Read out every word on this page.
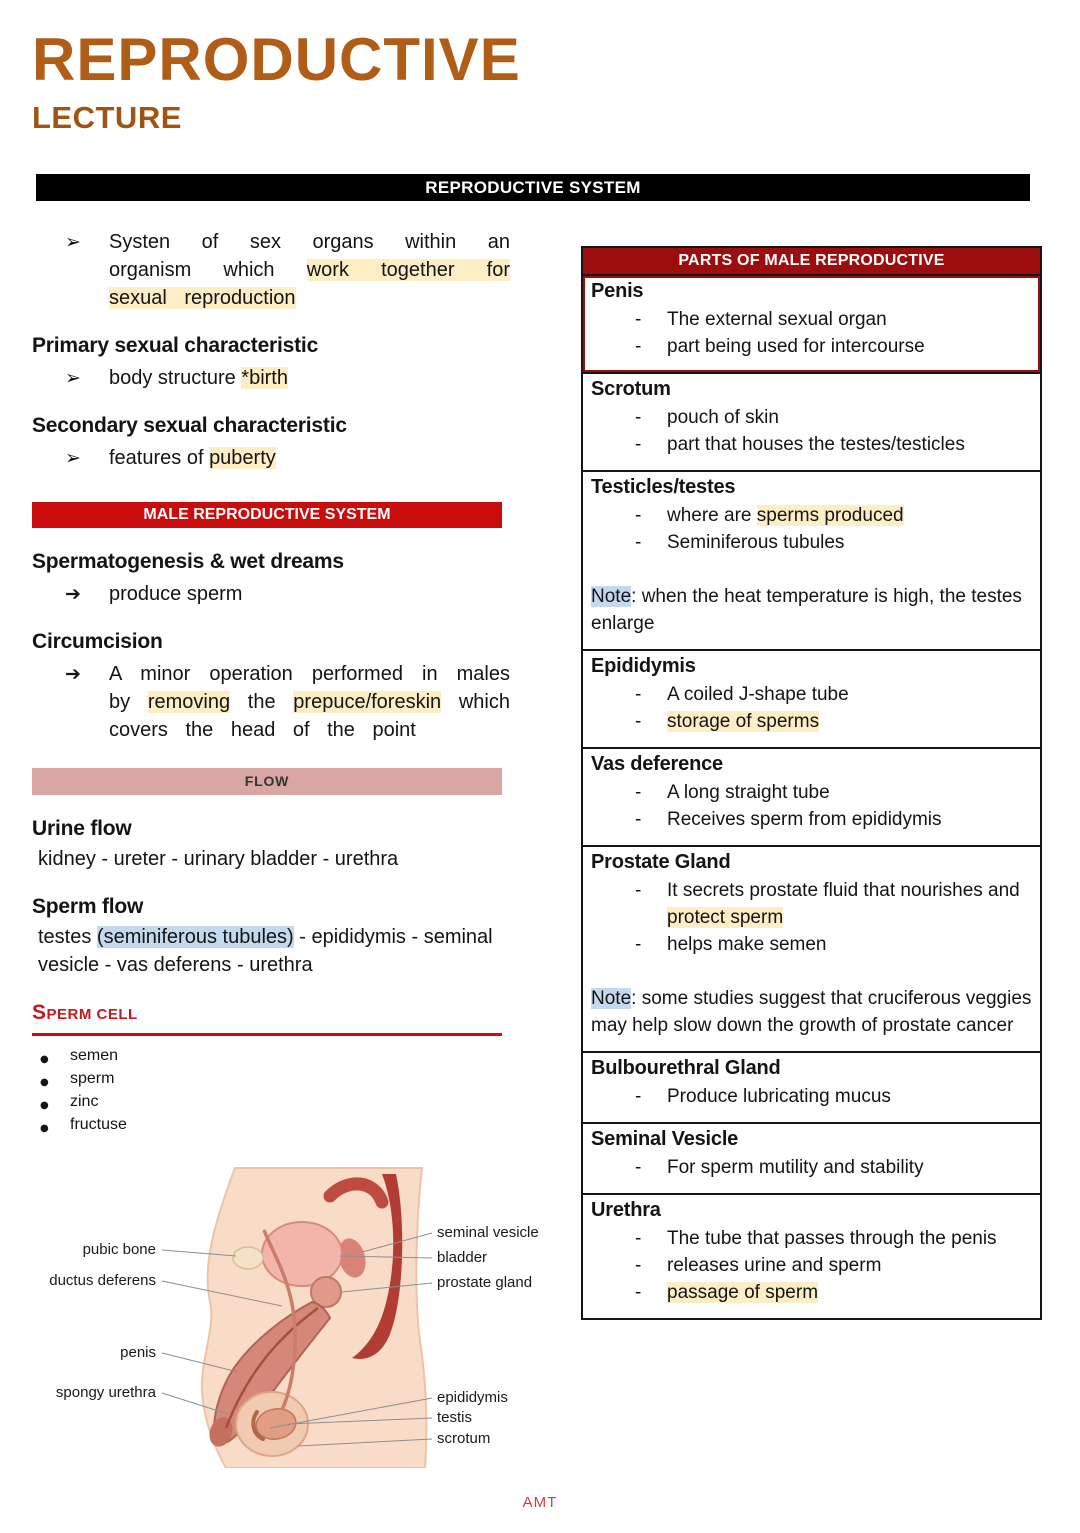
REPRODUCTIVE
LECTURE
REPRODUCTIVE SYSTEM
➢	Systen of sex organs within an organism which work together for sexual reproduction

Primary sexual characteristic
➢	body structure *birth

Secondary sexual characteristic
➢	features of puberty

MALE REPRODUCTIVE SYSTEM
Spermatogenesis & wet dreams
➔	produce sperm

Circumcision
➔	A minor operation performed in males by removing the prepuce/foreskin which covers the head of the point

FLOW
Urine flow
kidney - ureter - urinary bladder - urethra
Sperm flow
testes (seminiferous tubules) - epididymis - seminal vesicle - vas deferens - urethra
SPERM CELL
● semen
● sperm
● zinc
● fructuse
PARTS OF MALE REPRODUCTIVE
Penis
-	The external sexual organ
-	part being used for intercourse
Scrotum
-	pouch of skin
-	part that houses the testes/testicles
Testicles/testes
-	where are sperms produced
-	Seminiferous tubules
Note: when the heat temperature is high, the testes enlarge
Epididymis
-	A coiled J-shape tube
-	storage of sperms
Vas deference
-	A long straight tube
-	Receives sperm from epididymis
Prostate Gland
-	It secrets prostate fluid that nourishes and protect sperm
-	helps make semen
Note: some studies suggest that cruciferous veggies may help slow down the growth of prostate cancer
Bulbourethral Gland
-	Produce lubricating mucus
Seminal Vesicle
-	For sperm mutility and stability
Urethra
-	The tube that passes through the penis
-	releases urine and sperm
-	passage of sperm
pubic bone
ductus deferens
penis
spongy urethra
seminal vesicle
bladder
prostate gland
epididymis
testis
scrotum
AMT
